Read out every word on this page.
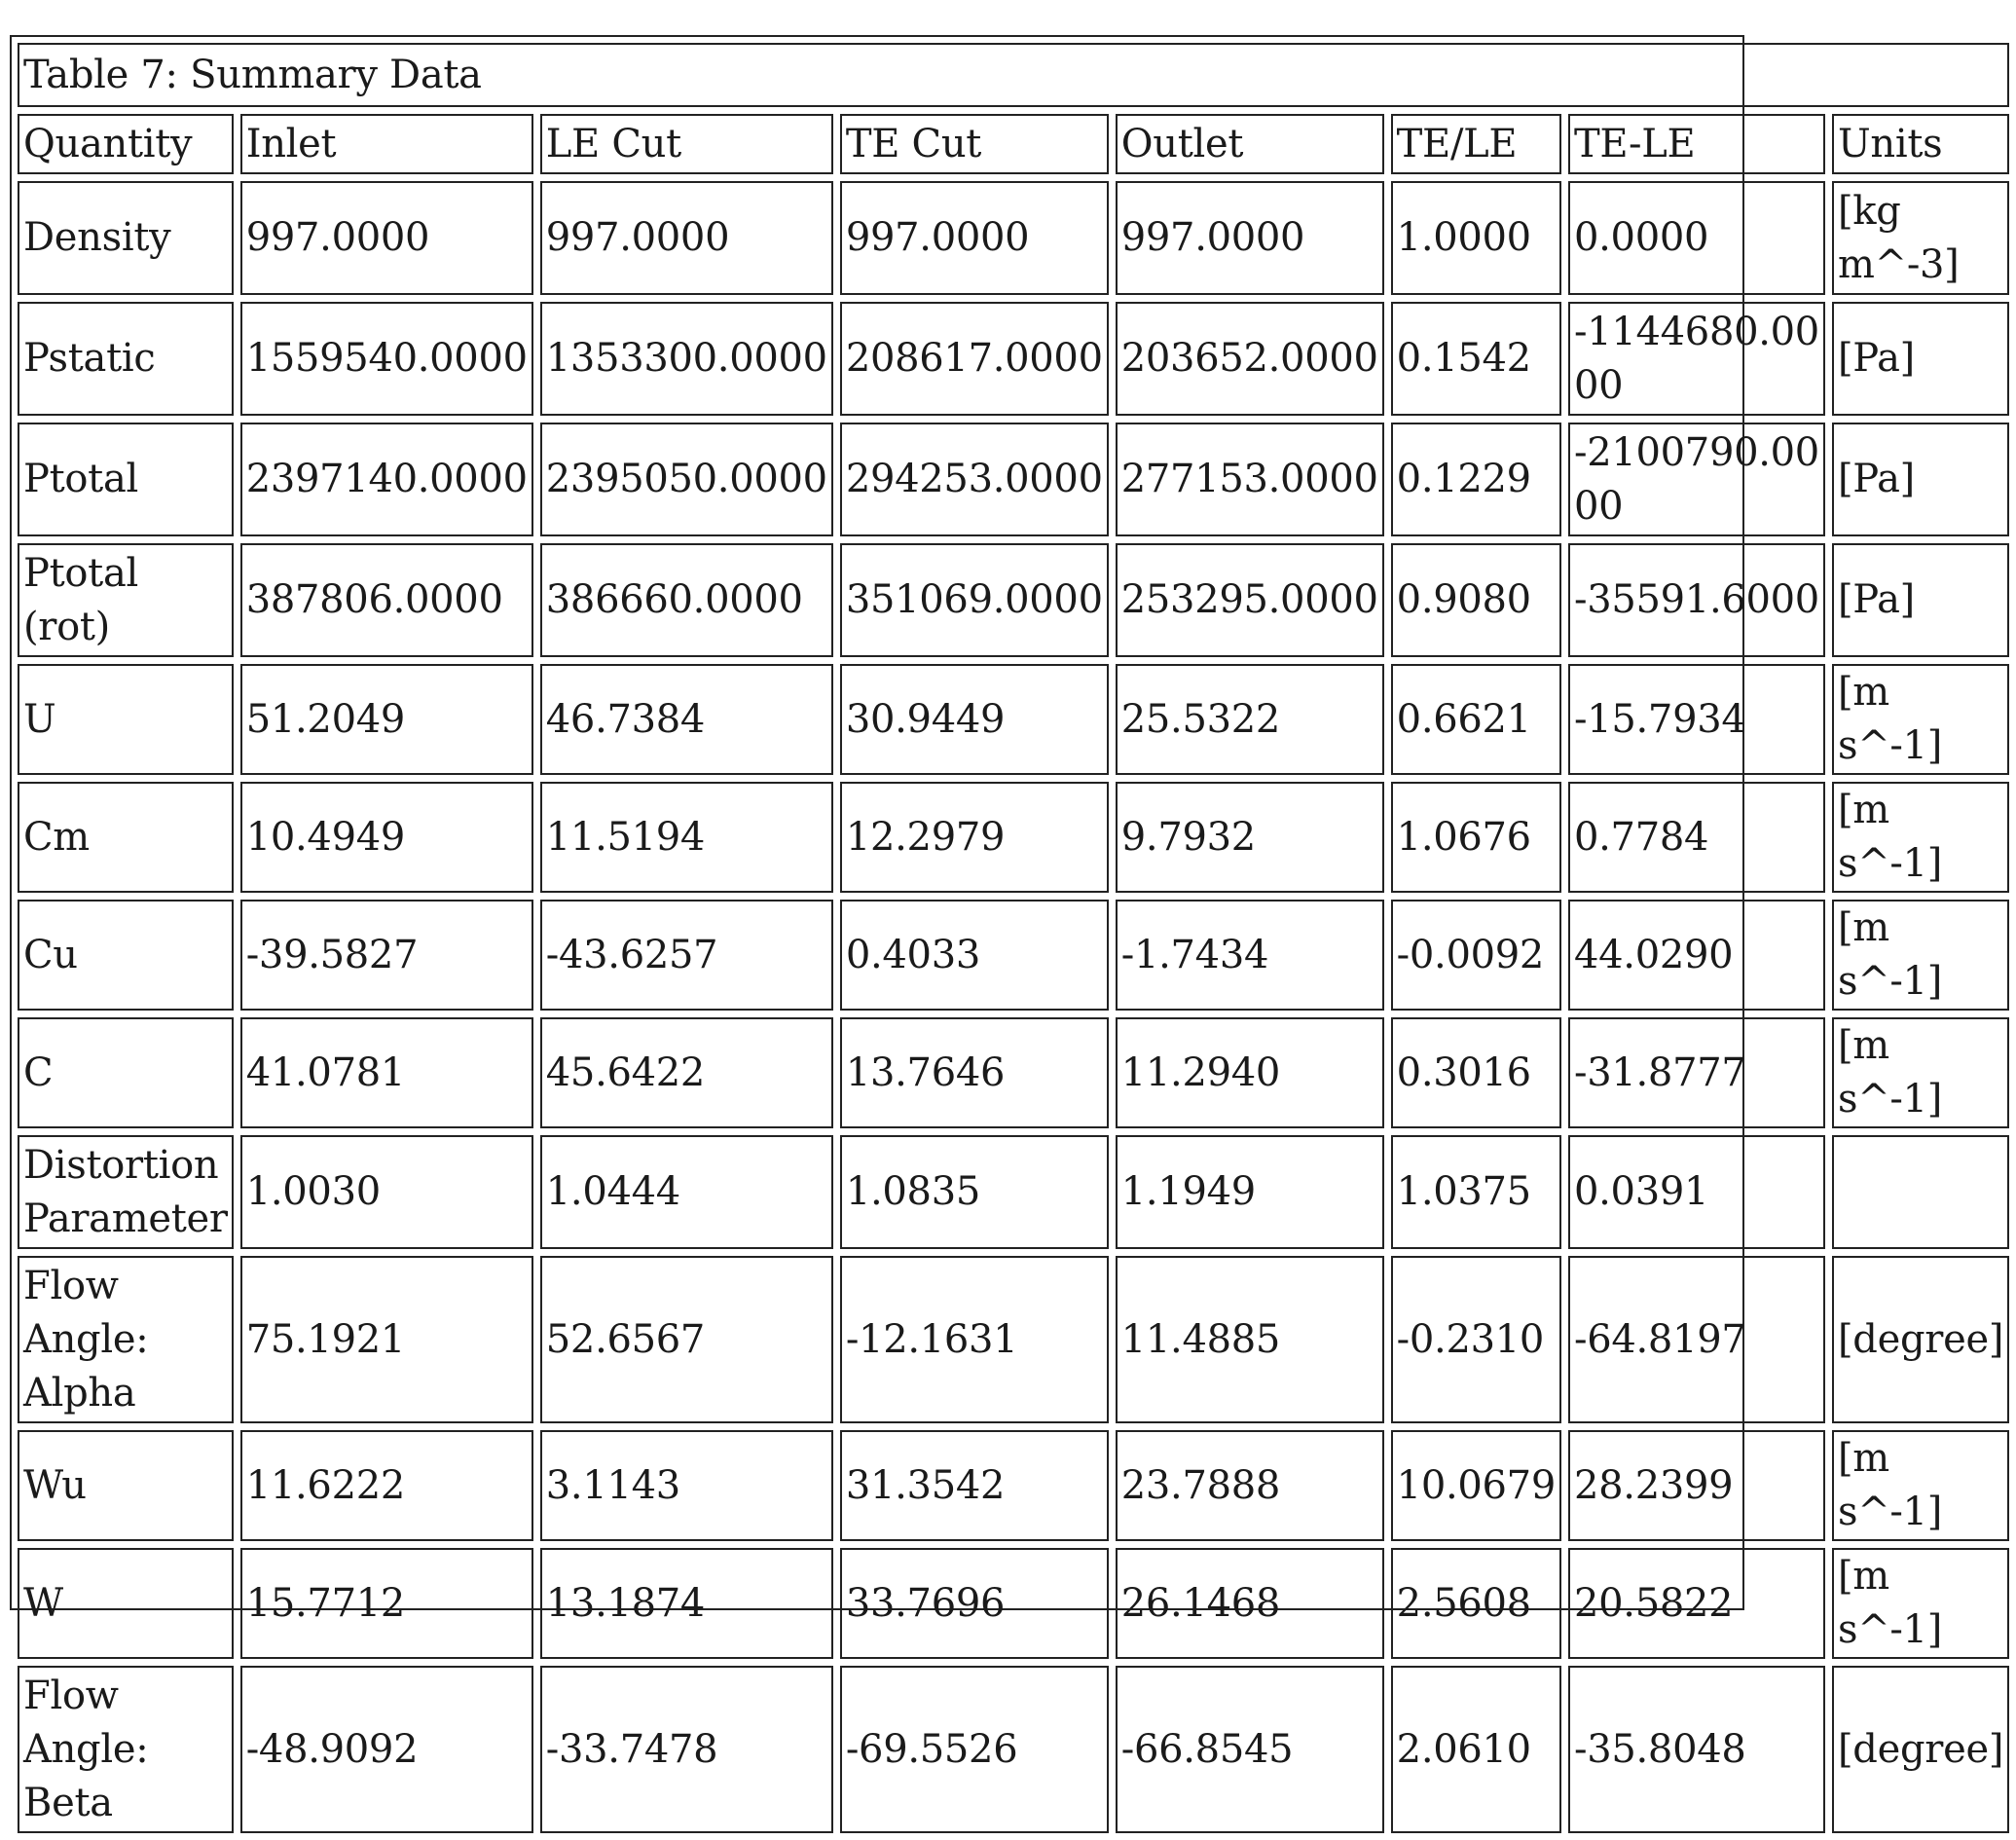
Table 7: Summary Data							
Quantity	Inlet	LE Cut	TE Cut	Outlet	TE/LE	TE-LE	Units
Density	997.0000	997.0000	997.0000	997.0000	1.0000	0.0000	[kg m^-3]
Pstatic	1559540.0000	1353300.0000	208617.0000	203652.0000	0.1542	-1144680.0000	[Pa]
Ptotal	2397140.0000	2395050.0000	294253.0000	277153.0000	0.1229	-2100790.0000	[Pa]
Ptotal (rot)	387806.0000	386660.0000	351069.0000	253295.0000	0.9080	-35591.6000	[Pa]
U	51.2049	46.7384	30.9449	25.5322	0.6621	-15.7934	[m s^-1]
Cm	10.4949	11.5194	12.2979	9.7932	1.0676	0.7784	[m s^-1]
Cu	-39.5827	-43.6257	0.4033	-1.7434	-0.0092	44.0290	[m s^-1]
C	41.0781	45.6422	13.7646	11.2940	0.3016	-31.8777	[m s^-1]
Distortion Parameter	1.0030	1.0444	1.0835	1.1949	1.0375	0.0391	
Flow Angle: Alpha	75.1921	52.6567	-12.1631	11.4885	-0.2310	-64.8197	[degree]
Wu	11.6222	3.1143	31.3542	23.7888	10.0679	28.2399	[m s^-1]
W	15.7712	13.1874	33.7696	26.1468	2.5608	20.5822	[m s^-1]
Flow Angle: Beta	-48.9092	-33.7478	-69.5526	-66.8545	2.0610	-35.8048	[degree]
